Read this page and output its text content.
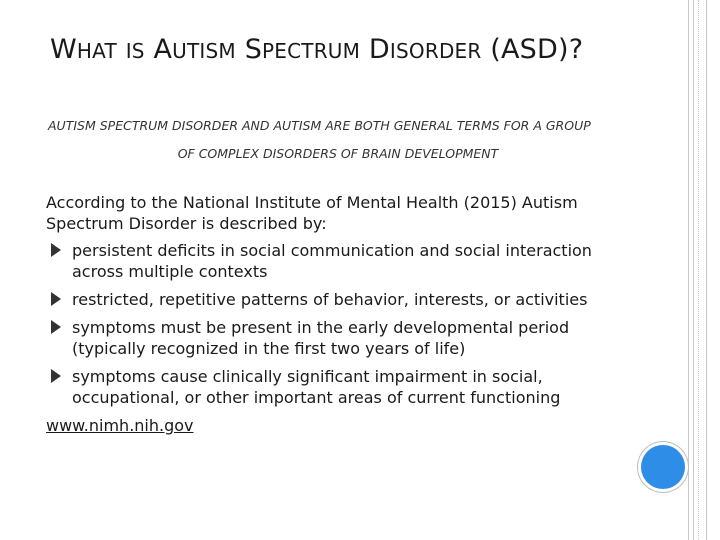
WHAT IS AUTISM SPECTRUM DISORDER (ASD)?
AUTISM SPECTRUM DISORDER AND AUTISM ARE BOTH GENERAL TERMS FOR A GROUP
OF COMPLEX DISORDERS OF BRAIN DEVELOPMENT

According to the National Institute of Mental Health (2015) Autism Spectrum Disorder is described by:

persistent deficits in social communication and social interaction across multiple contexts
restricted, repetitive patterns of behavior, interests, or activities
symptoms must be present in the early developmental period (typically recognized in the first two years of life)
symptoms cause clinically significant impairment in social, occupational, or other important areas of current functioning
www.nimh.nih.gov
